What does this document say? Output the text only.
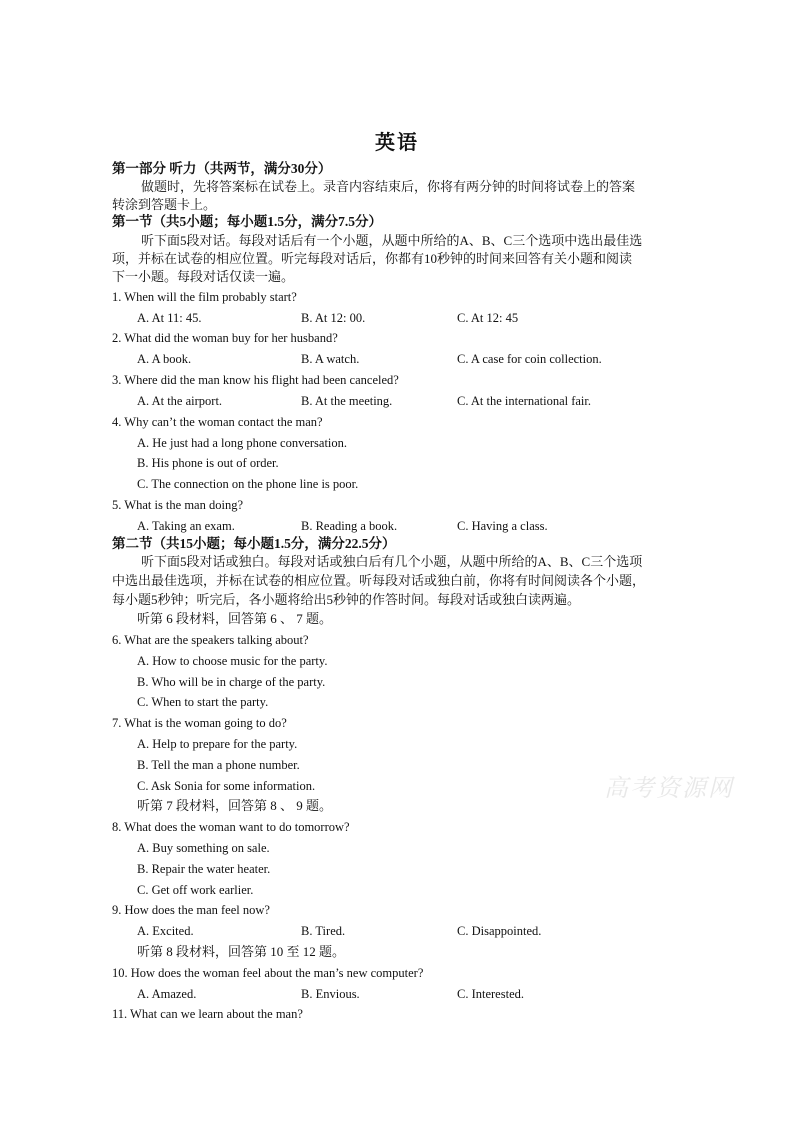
英语
第一部分 听力（共两节，满分30分）
做题时，先将答案标在试卷上。录音内容结束后，你将有两分钟的时间将试卷上的答案
转涂到答题卡上。
第一节（共5小题；每小题1.5分，满分7.5分）
听下面5段对话。每段对话后有一个小题，从题中所给的A、B、C三个选项中选出最佳选
项，并标在试卷的相应位置。听完每段对话后，你都有10秒钟的时间来回答有关小题和阅读
下一小题。每段对话仅读一遍。
1. When will the film probably start?
A. At 11: 45.	B. At 12: 00.	C. At 12: 45
2. What did the woman buy for her husband?
A. A book.	B. A watch.	C. A case for coin collection.
3. Where did the man know his flight had been canceled?
A. At the airport.	B. At the meeting.	C. At the international fair.
4. Why can’t the woman contact the man?
A. He just had a long phone conversation.
B. His phone is out of order.
C. The connection on the phone line is poor.
5. What is the man doing?
A. Taking an exam.	B. Reading a book.	C. Having a class.
第二节（共15小题；每小题1.5分，满分22.5分）
听下面5段对话或独白。每段对话或独白后有几个小题，从题中所给的A、B、C三个选项
中选出最佳选项，并标在试卷的相应位置。听每段对话或独白前，你将有时间阅读各个小题，
每小题5秒钟；听完后，各小题将给出5秒钟的作答时间。每段对话或独白读两遍。
听第 6 段材料，回答第 6 、 7 题。
6. What are the speakers talking about?
A. How to choose music for the party.
B. Who will be in charge of the party.
C. When to start the party.
7. What is the woman going to do?
A. Help to prepare for the party.
B. Tell the man a phone number.
C. Ask Sonia for some information.
听第 7 段材料，回答第 8 、 9 题。
8. What does the woman want to do tomorrow?
A. Buy something on sale.
B. Repair the water heater.
C. Get off work earlier.
9. How does the man feel now?
A. Excited.	B. Tired.	C. Disappointed.
听第 8 段材料，回答第 10 至 12 题。
10. How does the woman feel about the man’s new computer?
A. Amazed.	B. Envious.	C. Interested.
11. What can we learn about the man?
高考资源网
